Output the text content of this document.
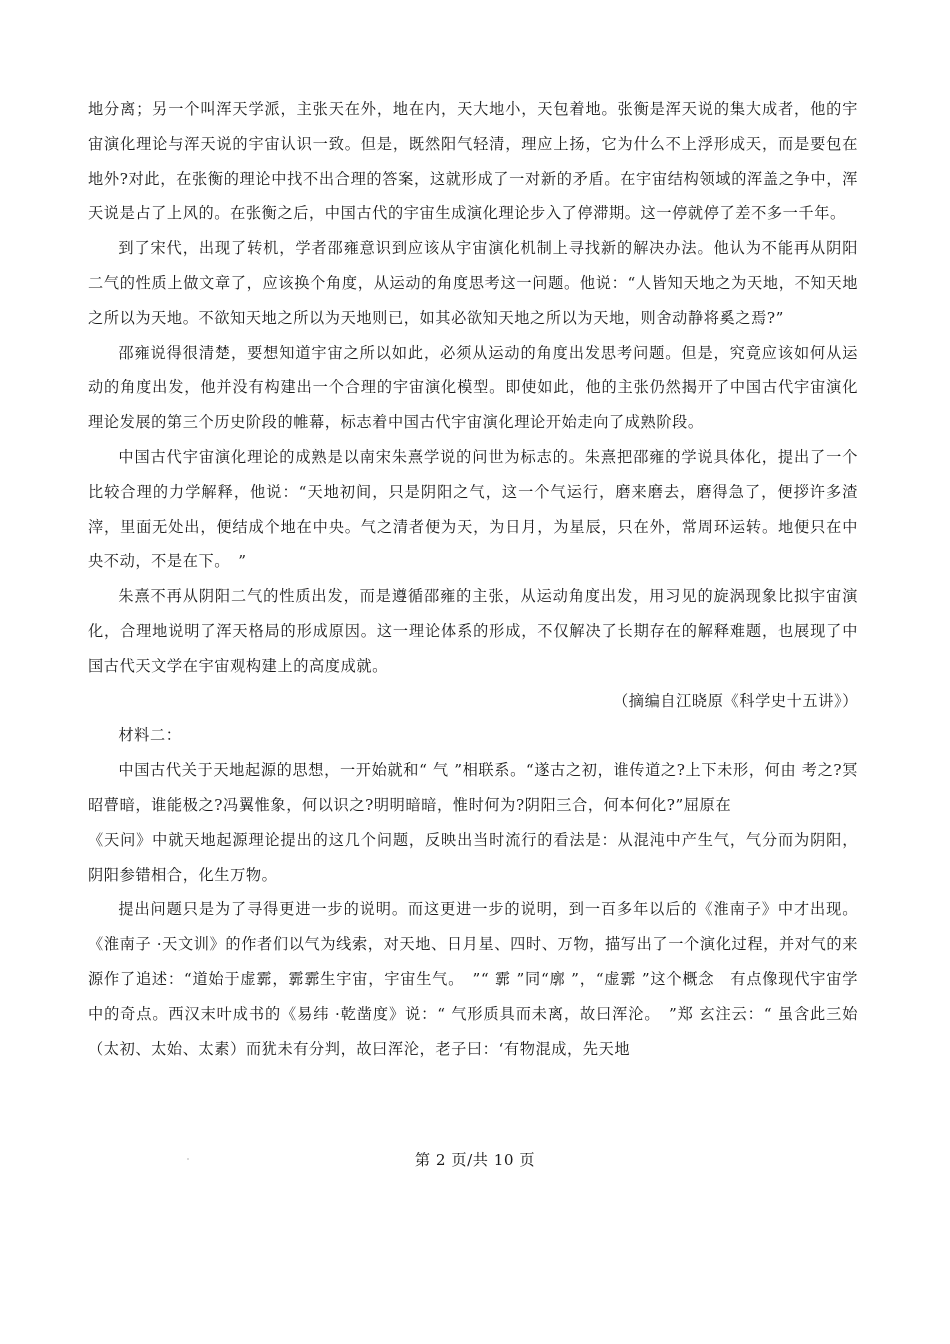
地分离；另一个叫浑天学派，主张天在外，地在内，天大地小，天包着地。张衡是浑天说的集大成者，他的宇宙演化理论与浑天说的宇宙认识一致。但是，既然阳气轻清，理应上扬，它为什么不上浮形成天，而是要包在地外?对此，在张衡的理论中找不出合理的答案，这就形成了一对新的矛盾。在宇宙结构领域的浑盖之争中，浑天说是占了上风的。在张衡之后，中国古代的宇宙生成演化理论步入了停滞期。这一停就停了差不多一千年。

到了宋代，出现了转机，学者邵雍意识到应该从宇宙演化机制上寻找新的解决办法。他认为不能再从阴阳二气的性质上做文章了，应该换个角度，从运动的角度思考这一问题。他说：“人皆知天地之为天地，不知天地之所以为天地。不欲知天地之所以为天地则已，如其必欲知天地之所以为天地，则舍动静将奚之焉?”

邵雍说得很清楚，要想知道宇宙之所以如此，必须从运动的角度出发思考问题。但是，究竟应该如何从运动的角度出发，他并没有构建出一个合理的宇宙演化模型。即使如此，他的主张仍然揭开了中国古代宇宙演化理论发展的第三个历史阶段的帷幕，标志着中国古代宇宙演化理论开始走向了成熟阶段。

中国古代宇宙演化理论的成熟是以南宋朱熹学说的问世为标志的。朱熹把邵雍的学说具体化，提出了一个比较合理的力学解释，他说：“天地初间，只是阴阳之气，这一个气运行，磨来磨去，磨得急了，便拶许多渣滓，里面无处出，便结成个地在中央。气之清者便为天，为日月，为星辰，只在外，常周环运转。地便只在中央不动，不是在下。　”

朱熹不再从阴阳二气的性质出发，而是遵循邵雍的主张，从运动角度出发，用习见的旋涡现象比拟宇宙演化，合理地说明了浑天格局的形成原因。这一理论体系的形成，不仅解决了长期存在的解释难题，也展现了中国古代天文学在宇宙观构建上的高度成就。

（摘编自江晓原《科学史十五讲》）

材料二：

中国古代关于天地起源的思想，一开始就和“ 气 ”相联系。“遂古之初，谁传道之?上下未形，何由 考之?冥昭瞢暗，谁能极之?冯翼惟象，何以识之?明明暗暗，惟时何为?阴阳三合，何本何化?”屈原在

《天问》中就天地起源理论提出的这几个问题，反映出当时流行的看法是：从混沌中产生气，气分而为阴阳，阴阳参错相合，化生万物。

提出问题只是为了寻得更进一步的说明。而这更进一步的说明，到一百多年以后的《淮南子》中才出现。《淮南子 ·天文训》的作者们以气为线索，对天地、日月星、四时、万物，描写出了一个演化过程，并对气的来源作了追述：“道始于虚霩，霩霩生宇宙，宇宙生气。　”“ 霩 ”同“廓 ”，“虚霩 ”这个概念　有点像现代宇宙学中的奇点。西汉末叶成书的《易纬 ·乾凿度》说：“ 气形质具而未离，故曰浑沦。　”郑 玄注云：“ 虽含此三始（太初、太始、太素）而犹未有分判，故曰浑沦，老子曰：‘有物混成，先天地

第 2 页/共 10 页
